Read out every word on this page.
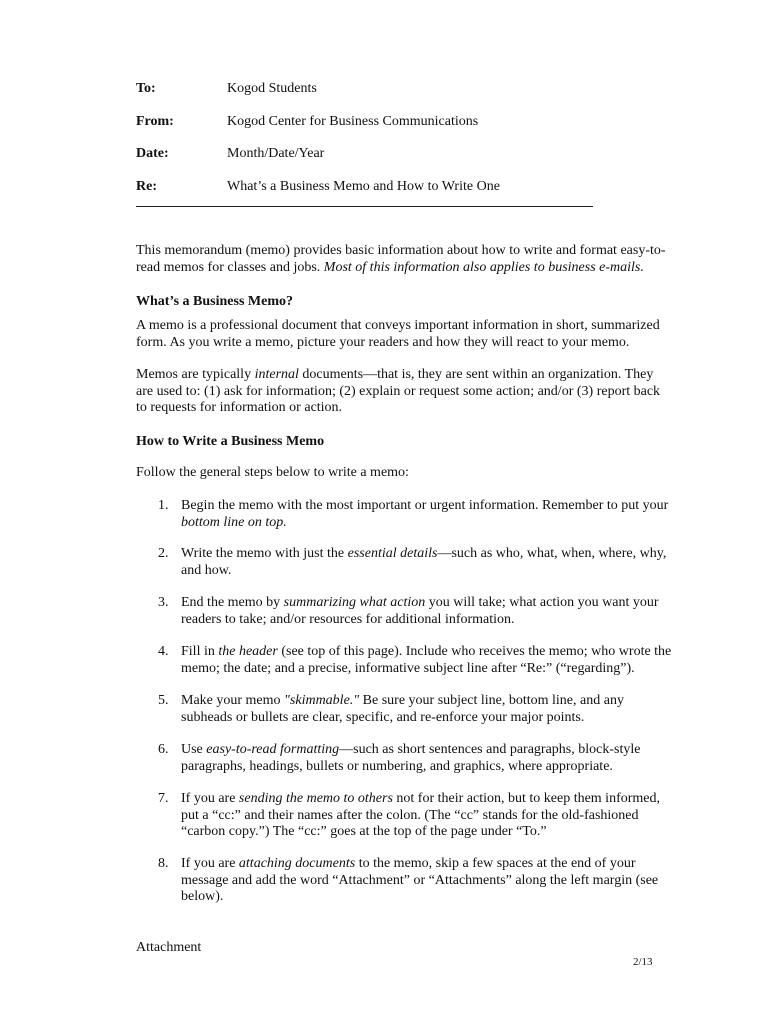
To:	Kogod Students
From:	Kogod Center for Business Communications
Date:	Month/Date/Year
Re:	What’s a Business Memo and How to Write One
This memorandum (memo) provides basic information about how to write and format easy-to-read memos for classes and jobs. Most of this information also applies to business e-mails.
What’s a Business Memo?
A memo is a professional document that conveys important information in short, summarized form. As you write a memo, picture your readers and how they will react to your memo.
Memos are typically internal documents—that is, they are sent within an organization. They are used to: (1) ask for information; (2) explain or request some action; and/or (3) report back to requests for information or action.
How to Write a Business Memo
Follow the general steps below to write a memo:
1. Begin the memo with the most important or urgent information. Remember to put your bottom line on top.
2. Write the memo with just the essential details—such as who, what, when, where, why, and how.
3. End the memo by summarizing what action you will take; what action you want your readers to take; and/or resources for additional information.
4. Fill in the header (see top of this page). Include who receives the memo; who wrote the memo; the date; and a precise, informative subject line after “Re:” (“regarding”).
5. Make your memo "skimmable." Be sure your subject line, bottom line, and any subheads or bullets are clear, specific, and re-enforce your major points.
6. Use easy-to-read formatting—such as short sentences and paragraphs, block-style paragraphs, headings, bullets or numbering, and graphics, where appropriate.
7. If you are sending the memo to others not for their action, but to keep them informed, put a “cc:” and their names after the colon. (The “cc” stands for the old-fashioned “carbon copy.”) The “cc:” goes at the top of the page under “To.”
8. If you are attaching documents to the memo, skip a few spaces at the end of your message and add the word “Attachment” or “Attachments” along the left margin (see below).
Attachment
2/13
